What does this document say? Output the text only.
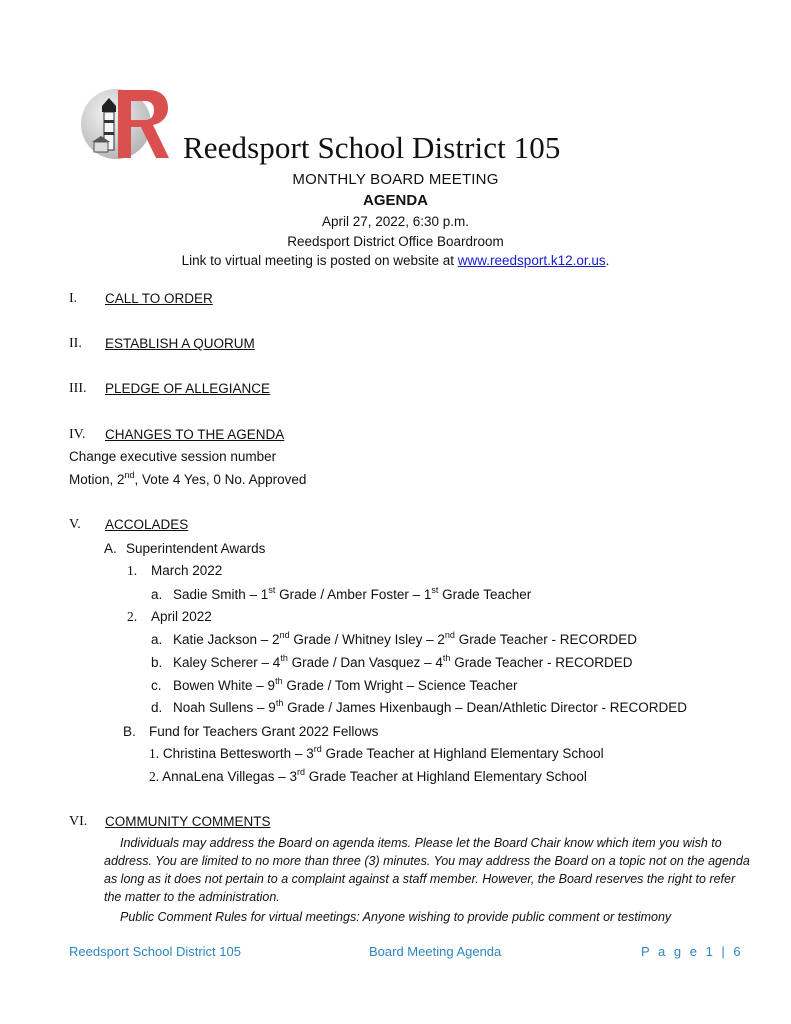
Reedsport School District 105
MONTHLY BOARD MEETING
AGENDA
April 27, 2022, 6:30 p.m.
Reedsport District Office Boardroom
Link to virtual meeting is posted on website at www.reedsport.k12.or.us.
I. CALL TO ORDER
II. ESTABLISH A QUORUM
III. PLEDGE OF ALLEGIANCE
IV. CHANGES TO THE AGENDA
Change executive session number
Motion, 2nd, Vote 4 Yes, 0 No. Approved
V. ACCOLADES
A. Superintendent Awards
1. March 2022
a. Sadie Smith – 1st Grade / Amber Foster – 1st Grade Teacher
2. April 2022
a. Katie Jackson – 2nd Grade / Whitney Isley – 2nd Grade Teacher - RECORDED
b. Kaley Scherer – 4th Grade / Dan Vasquez – 4th Grade Teacher - RECORDED
c. Bowen White – 9th Grade / Tom Wright – Science Teacher
d. Noah Sullens – 9th Grade / James Hixenbaugh – Dean/Athletic Director - RECORDED
B. Fund for Teachers Grant 2022 Fellows
1. Christina Bettesworth – 3rd Grade Teacher at Highland Elementary School
2. AnnaLena Villegas – 3rd Grade Teacher at Highland Elementary School
VI. COMMUNITY COMMENTS
Individuals may address the Board on agenda items. Please let the Board Chair know which item you wish to address. You are limited to no more than three (3) minutes. You may address the Board on a topic not on the agenda as long as it does not pertain to a complaint against a staff member. However, the Board reserves the right to refer the matter to the administration.
Public Comment Rules for virtual meetings: Anyone wishing to provide public comment or testimony
Reedsport School District 105	Board Meeting Agenda	P a g e 1 | 6
